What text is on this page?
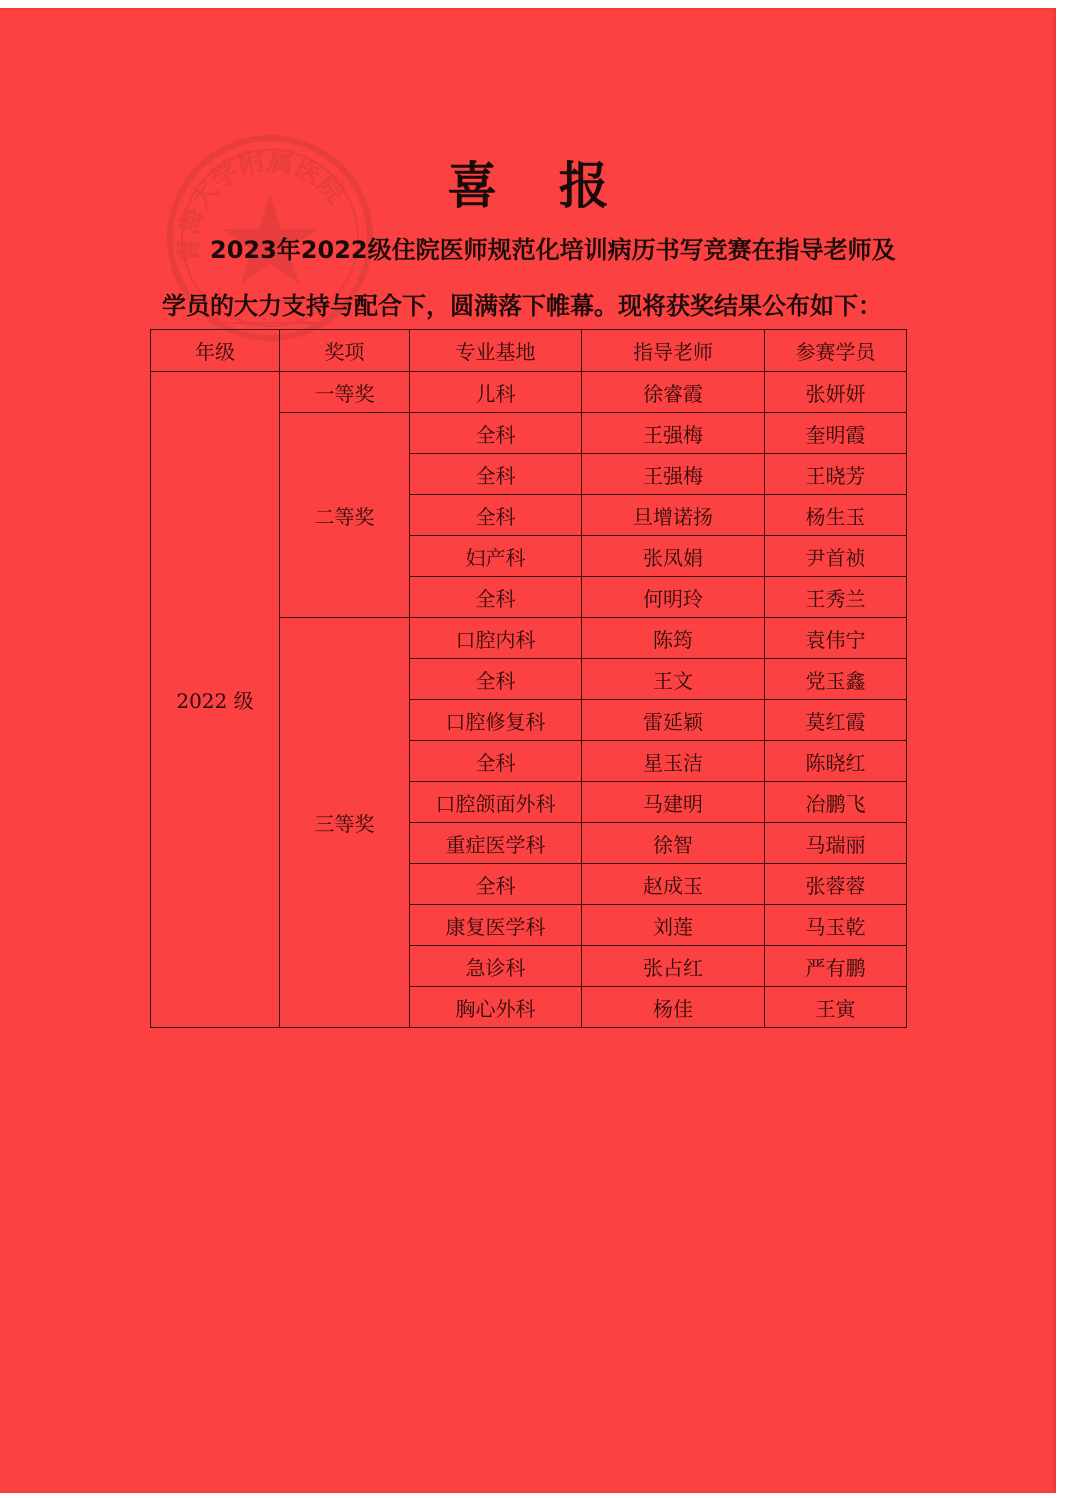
青海大学附属医院	喜 报
2023年2022级住院医师规范化培训病历书写竞赛在指导老师及
学员的大力支持与配合下，圆满落下帷幕。现将获奖结果公布如下：
年级	奖项	专业基地	指导老师	参赛学员
2022 级	一等奖	儿科	徐睿霞	张妍妍
	二等奖	全科	王强梅	奎明霞
		全科	王强梅	王晓芳
		全科	旦增诺扬	杨生玉
		妇产科	张凤娟	尹首祯
		全科	何明玲	王秀兰
	三等奖	口腔内科	陈筠	袁伟宁
		全科	王文	党玉鑫
		口腔修复科	雷延颖	莫红霞
		全科	星玉洁	陈晓红
		口腔颌面外科	马建明	冶鹏飞
		重症医学科	徐智	马瑞丽
		全科	赵成玉	张蓉蓉
		康复医学科	刘莲	马玉乾
		急诊科	张占红	严有鹏
		胸心外科	杨佳	王寅
